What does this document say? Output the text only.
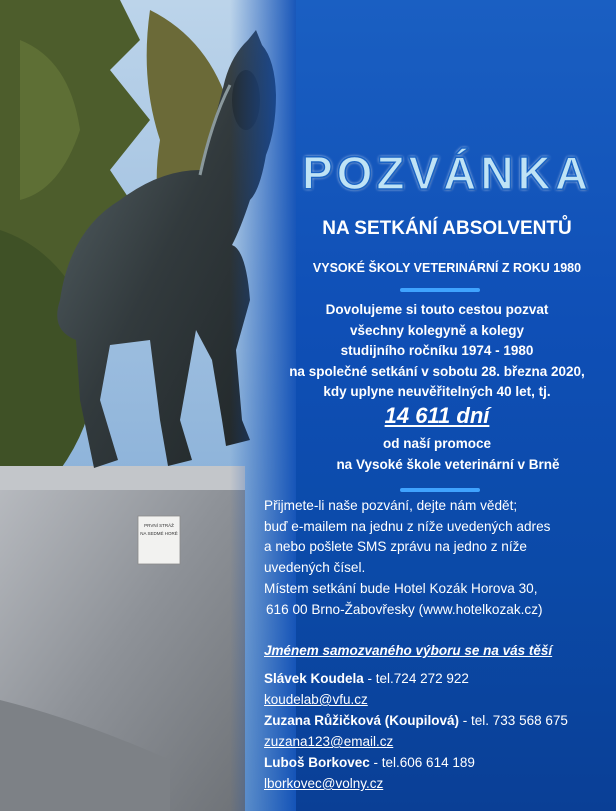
PRVNÍ STRÁŽ
NA SEDMÉ HORĚ
POZVÁNKA
NA SETKÁNÍ ABSOLVENTŮ
VYSOKÉ ŠKOLY VETERINÁRNÍ Z ROKU 1980
Dovolujeme si touto cestou pozvat
všechny kolegyně a kolegy
studijního ročníku 1974 - 1980
na společné setkání v sobotu 28. března 2020,
kdy uplyne neuvěřitelných 40 let, tj.
14 611 dní
od naší promoce
na Vysoké škole veterinární v Brně
Přijmete-li naše pozvání, dejte nám vědět;
buď e-mailem na jednu z níže uvedených adres
a nebo pošlete SMS zprávu na jedno z níže
uvedených čísel.
Místem setkání bude Hotel Kozák Horova 30,
616 00 Brno-Žabovřesky (www.hotelkozak.cz)
Jménem samozvaného výboru se na vás těší
Slávek Koudela - tel.724 272 922
koudelab@vfu.cz
Zuzana Růžičková (Koupilová) - tel. 733 568 675
zuzana123@email.cz
Luboš Borkovec - tel.606 614 189
lborkovec@volny.cz
